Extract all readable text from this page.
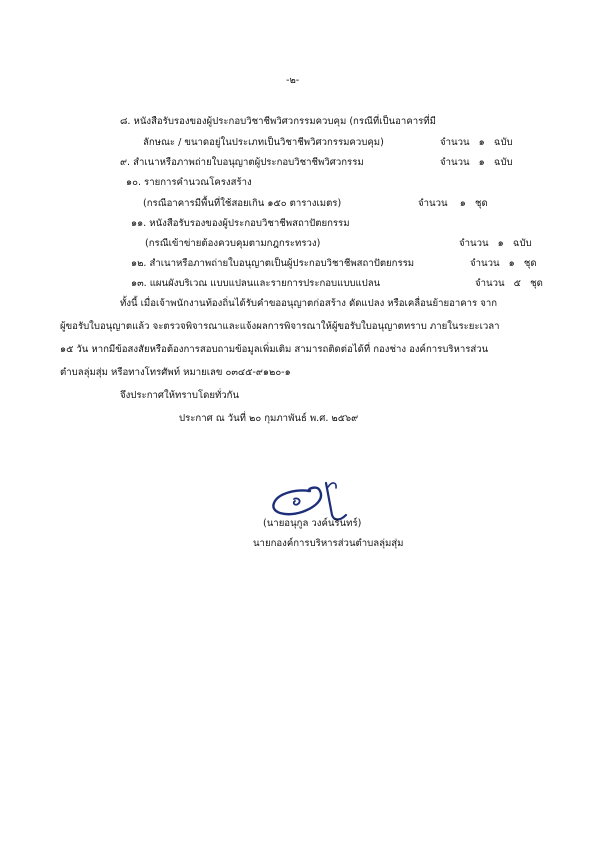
-๒-
๘. หนังสือรับรองของผู้ประกอบวิชาชีพวิศวกรรมควบคุม (กรณีที่เป็นอาคารที่มี
ลักษณะ / ขนาดอยู่ในประเภทเป็นวิชาชีพวิศวกรรมควบคุม)	จำนวน ๑ ฉบับ
๙. สำเนาหรือภาพถ่ายใบอนุญาตผู้ประกอบวิชาชีพวิศวกรรม	จำนวน ๑ ฉบับ
๑๐. รายการคำนวณโครงสร้าง
(กรณีอาคารมีพื้นที่ใช้สอยเกิน ๑๕๐ ตารางเมตร)	จำนวน ๑ ชุด
๑๑. หนังสือรับรองของผู้ประกอบวิชาชีพสถาปัตยกรรม
(กรณีเข้าข่ายต้องควบคุมตามกฎกระทรวง)	จำนวน ๑ ฉบับ
๑๒. สำเนาหรือภาพถ่ายใบอนุญาตเป็นผู้ประกอบวิชาชีพสถาปัตยกรรม	จำนวน ๑ ชุด
๑๓. แผนผังบริเวณ แบบแปลนและรายการประกอบแบบแปลน	จำนวน ๕ ชุด
ทั้งนี้ เมื่อเจ้าพนักงานท้องถิ่นได้รับคำขออนุญาตก่อสร้าง ดัดแปลง หรือเคลื่อนย้ายอาคาร จาก
ผู้ขอรับใบอนุญาตแล้ว จะตรวจพิจารณาและแจ้งผลการพิจารณาให้ผู้ขอรับใบอนุญาตทราบ ภายในระยะเวลา
๑๕ วัน หากมีข้อสงสัยหรือต้องการสอบถามข้อมูลเพิ่มเติม สามารถติดต่อได้ที่ กองช่าง องค์การบริหารส่วน
ตำบลลุ่มสุ่ม หรือทางโทรศัพท์ หมายเลข ๐๓๔๕-๙๑๒๐-๑
จึงประกาศให้ทราบโดยทั่วกัน
ประกาศ ณ วันที่ ๒๐ กุมภาพันธ์ พ.ศ. ๒๕๖๙
(นายอนุกูล วงค์นรินทร์)
นายกองค์การบริหารส่วนตำบลลุ่มสุ่ม
